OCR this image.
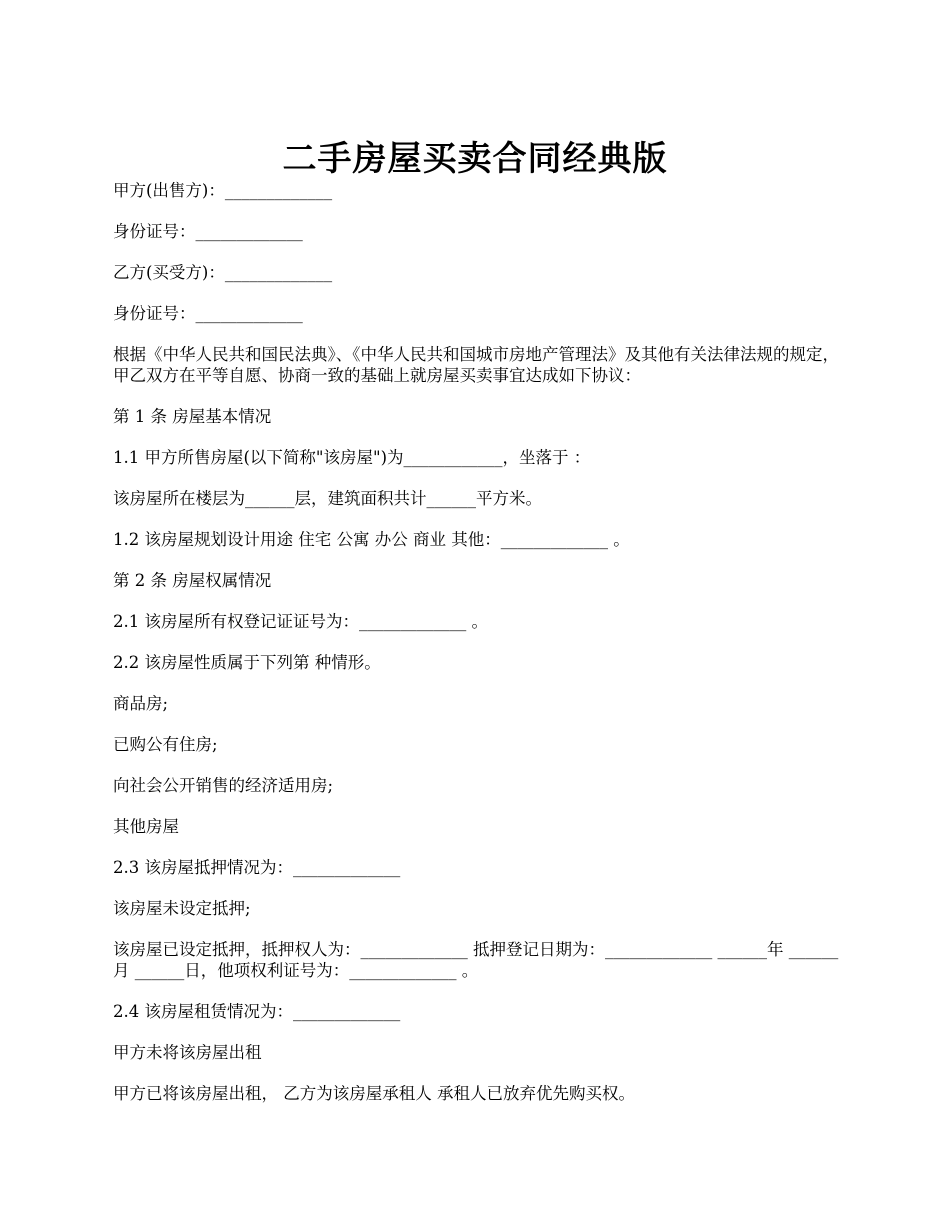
二手房屋买卖合同经典版

甲方(出售方)：_____________

身份证号：_____________

乙方(买受方)：_____________

身份证号：_____________

根据《中华人民共和国民法典》、《中华人民共和国城市房地产管理法》及其他有关法律法规的规定，甲乙双方在平等自愿、协商一致的基础上就房屋买卖事宜达成如下协议：

第 1 条 房屋基本情况

1.1 甲方所售房屋(以下简称"该房屋")为____________，坐落于 ：

该房屋所在楼层为______层，建筑面积共计______平方米。

1.2 该房屋规划设计用途 住宅 公寓 办公 商业 其他：_____________ 。

第 2 条 房屋权属情况

2.1 该房屋所有权登记证证号为：_____________ 。

2.2 该房屋性质属于下列第 种情形。

商品房;

已购公有住房;

向社会公开销售的经济适用房;

其他房屋

2.3 该房屋抵押情况为：_____________

该房屋未设定抵押;

该房屋已设定抵押，抵押权人为：_____________ 抵押登记日期为：_____________ ______年 ______月 ______日，他项权利证号为：_____________ 。

2.4 该房屋租赁情况为：_____________

甲方未将该房屋出租

甲方已将该房屋出租， 乙方为该房屋承租人 承租人已放弃优先购买权。
